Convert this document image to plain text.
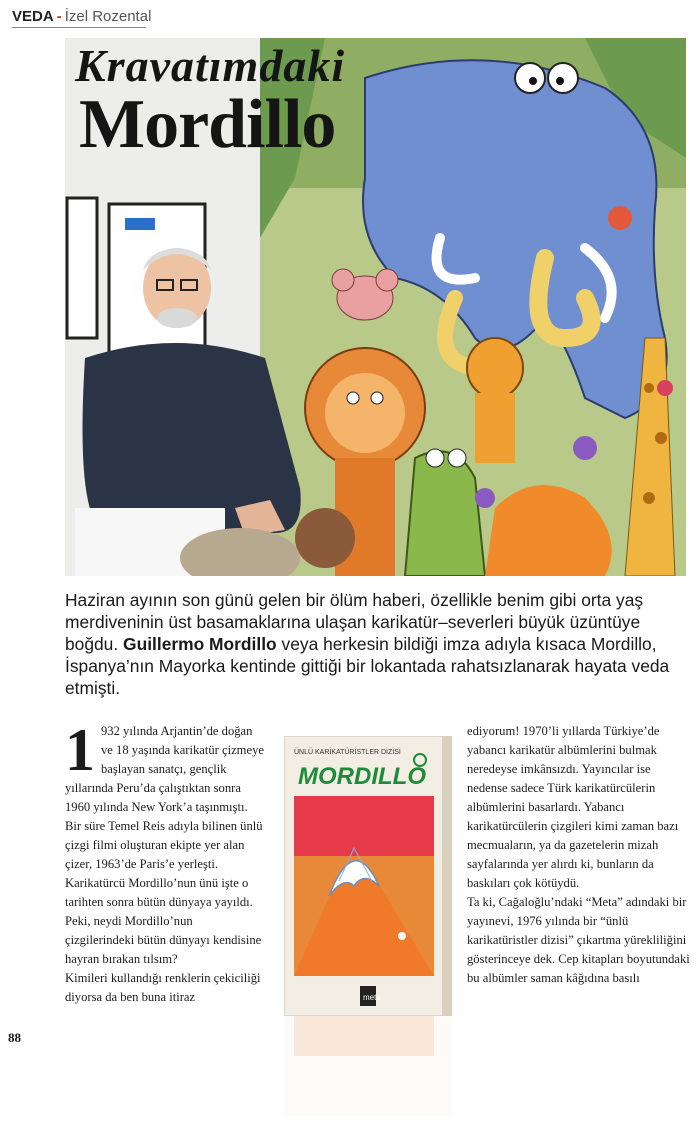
VEDA - İzel Rozental
Kravatımdaki
Mordillo

Haziran ayının son günü gelen bir ölüm haberi, özellikle benim gibi orta yaş merdiveninin üst basamaklarına ulaşan karikatür–severleri büyük üzüntüye boğdu. Guillermo Mordillo veya herkesin bildiği imza adıyla kısaca Mordillo, İspanya’nın Mayorka kentinde gittiği bir lokantada rahatsızlanarak hayata veda etmişti.

1 932 yılında Arjantin’de doğan ve 18 yaşında karikatür çizmeye başlayan sanatçı, gençlik yıllarında Peru’da çalıştıktan sonra 1960 yılında New York’a taşınmıştı. Bir süre Temel Reis adıyla bilinen ünlü çizgi filmi oluşturan ekipte yer alan çizer, 1963’de Paris’e yerleşti. Karikatürcü Mordillo’nun ünü işte o tarihten sonra bütün dünyaya yayıldı. Peki, neydi Mordillo’nun çizgilerindeki bütün dünyayı kendisine hayran bırakan tılsım?

Kimileri kullandığı renklerin çekiciliği diyorsa da ben buna itiraz

ÜNLÜ KARİKATÜRİSTLER DİZİSİ
MORDILLO
meta

ediyorum! 1970’li yıllarda Türkiye’de yabancı karikatür albümlerini bulmak neredeyse imkânsızdı. Yayıncılar ise nedense sadece Türk karikatürcülerin albümlerini basarlardı. Yabancı karikatürcülerin çizgileri kimi zaman bazı mecmuaların, ya da gazetelerin mizah sayfalarında yer alırdı ki, bunların da baskıları çok kötüydü.

Ta ki, Cağaloğlu’ndaki “Meta” adındaki bir yayınevi, 1976 yılında bir “ünlü karikatüristler dizisi” çıkartma yürekliliğini gösterinceye dek. Cep kitapları boyutundaki bu albümler saman kâğıdına basılı

88
